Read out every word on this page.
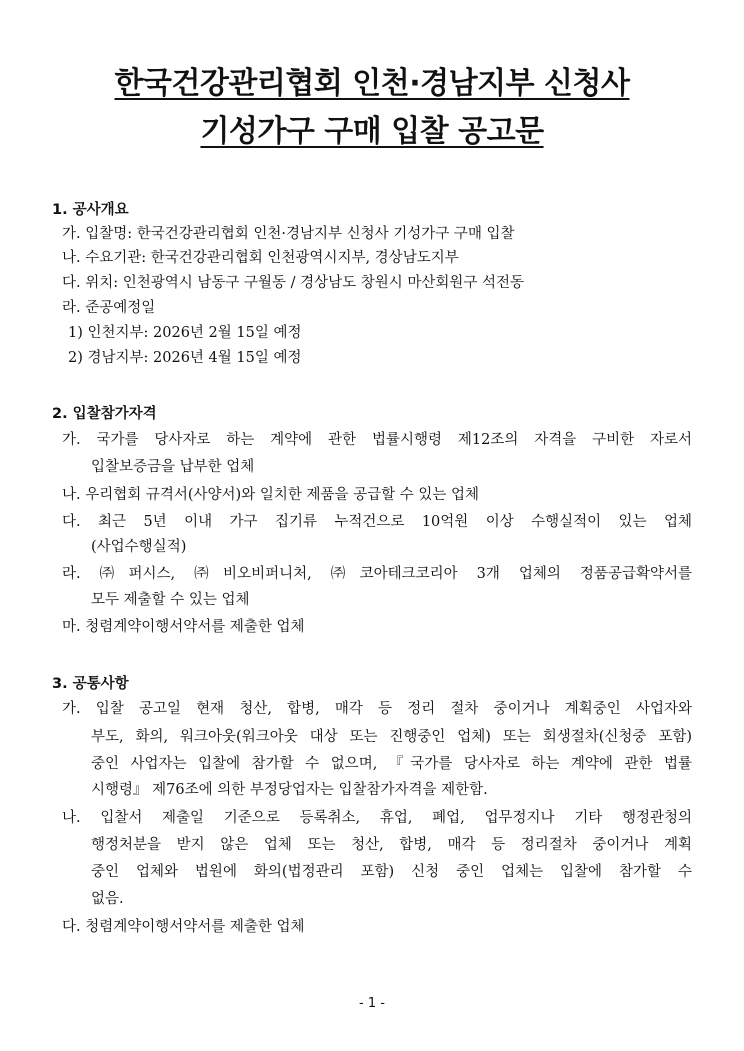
한국건강관리협회 인천·경남지부 신청사
기성가구 구매 입찰 공고문
1. 공사개요
가. 입찰명: 한국건강관리협회 인천·경남지부 신청사 기성가구 구매 입찰
나. 수요기관: 한국건강관리협회 인천광역시지부, 경상남도지부
다. 위치: 인천광역시 남동구 구월동 / 경상남도 창원시 마산회원구 석전동
라. 준공예정일
1) 인천지부: 2026년 2월 15일 예정
2) 경남지부: 2026년 4월 15일 예정
2. 입찰참가자격
가. 국가를 당사자로 하는 계약에 관한 법률시행령 제12조의 자격을 구비한 자로서
입찰보증금을 납부한 업체
나. 우리협회 규격서(사양서)와 일치한 제품을 공급할 수 있는 업체
다. 최근 5년 이내 가구 집기류 누적건으로 10억원 이상 수행실적이 있는 업체
(사업수행실적)
라. ㈜퍼시스, ㈜비오비퍼니처, ㈜코아테크코리아 3개 업체의 정품공급확약서를
모두 제출할 수 있는 업체
마. 청렴계약이행서약서를 제출한 업체
3. 공통사항
가. 입찰 공고일 현재 청산, 합병, 매각 등 정리 절차 중이거나 계획중인 사업자와
부도, 화의, 워크아웃(워크아웃 대상 또는 진행중인 업체) 또는 회생절차(신청중 포함)
중인 사업자는 입찰에 참가할 수 없으며, 『국가를 당사자로 하는 계약에 관한 법률
시행령』 제76조에 의한 부정당업자는 입찰참가자격을 제한함.
나. 입찰서 제출일 기준으로 등록취소, 휴업, 폐업, 업무정지나 기타 행정관청의
행정처분을 받지 않은 업체 또는 청산, 합병, 매각 등 정리절차 중이거나 계획
중인 업체와 법원에 화의(법정관리 포함) 신청 중인 업체는 입찰에 참가할 수
없음.
다. 청렴계약이행서약서를 제출한 업체
- 1 -
